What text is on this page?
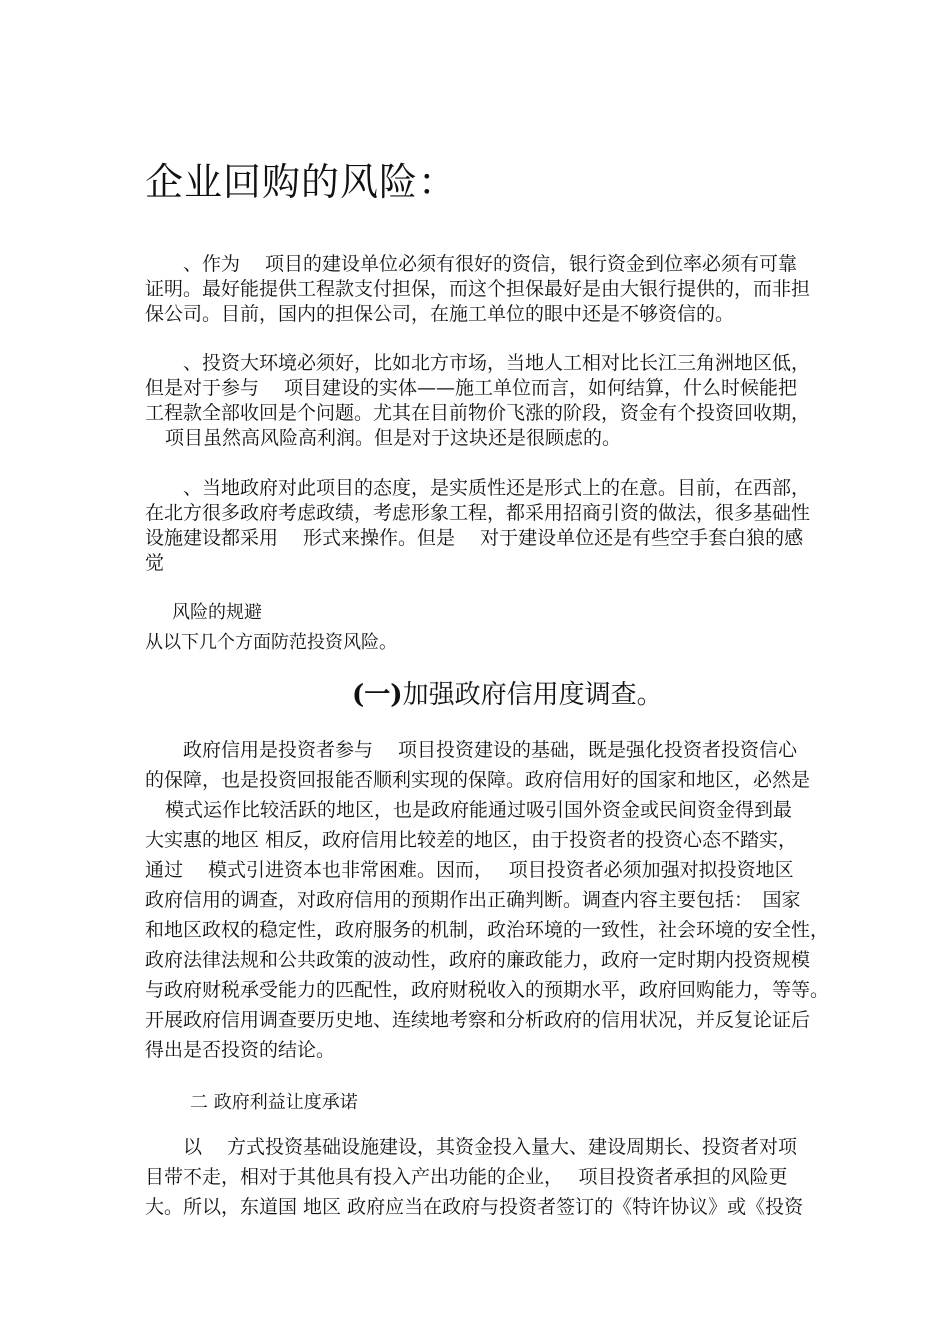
企业回购的风险：
、作为　 项目的建设单位必须有很好的资信，银行资金到位率必须有可靠
证明。最好能提供工程款支付担保，而这个担保最好是由大银行提供的，而非担
保公司。目前，国内的担保公司，在施工单位的眼中还是不够资信的。
、投资大环境必须好，比如北方市场，当地人工相对比长江三角洲地区低，
但是对于参与　 项目建设的实体——施工单位而言，如何结算，什么时候能把
工程款全部收回是个问题。尤其在目前物价飞涨的阶段，资金有个投资回收期，
项目虽然高风险高利润。但是对于这块还是很顾虑的。
、当地政府对此项目的态度，是实质性还是形式上的在意。目前，在西部，
在北方很多政府考虑政绩，考虑形象工程，都采用招商引资的做法，很多基础性
设施建设都采用　 形式来操作。但是　 对于建设单位还是有些空手套白狼的感
觉

风险的规避

从以下几个方面防范投资风险。

(一)加强政府信用度调查。
政府信用是投资者参与　 项目投资建设的基础，既是强化投资者投资信心
的保障，也是投资回报能否顺利实现的保障。政府信用好的国家和地区，必然是
模式运作比较活跃的地区，也是政府能通过吸引国外资金或民间资金得到最
大实惠的地区 相反，政府信用比较差的地区，由于投资者的投资心态不踏实，
通过　 模式引进资本也非常困难。因而，　 项目投资者必须加强对拟投资地区
政府信用的调查，对政府信用的预期作出正确判断。调查内容主要包括：　国家
和地区政权的稳定性，政府服务的机制，政治环境的一致性，社会环境的安全性，
政府法律法规和公共政策的波动性，政府的廉政能力，政府一定时期内投资规模
与政府财税承受能力的匹配性，政府财税收入的预期水平，政府回购能力，等等。
开展政府信用调查要历史地、连续地考察和分析政府的信用状况，并反复论证后
得出是否投资的结论。

二 政府利益让度承诺

以　 方式投资基础设施建设，其资金投入量大、建设周期长、投资者对项
目带不走，相对于其他具有投入产出功能的企业，　 项目投资者承担的风险更
大。所以，东道国 地区 政府应当在政府与投资者签订的《特许协议》或《投资
